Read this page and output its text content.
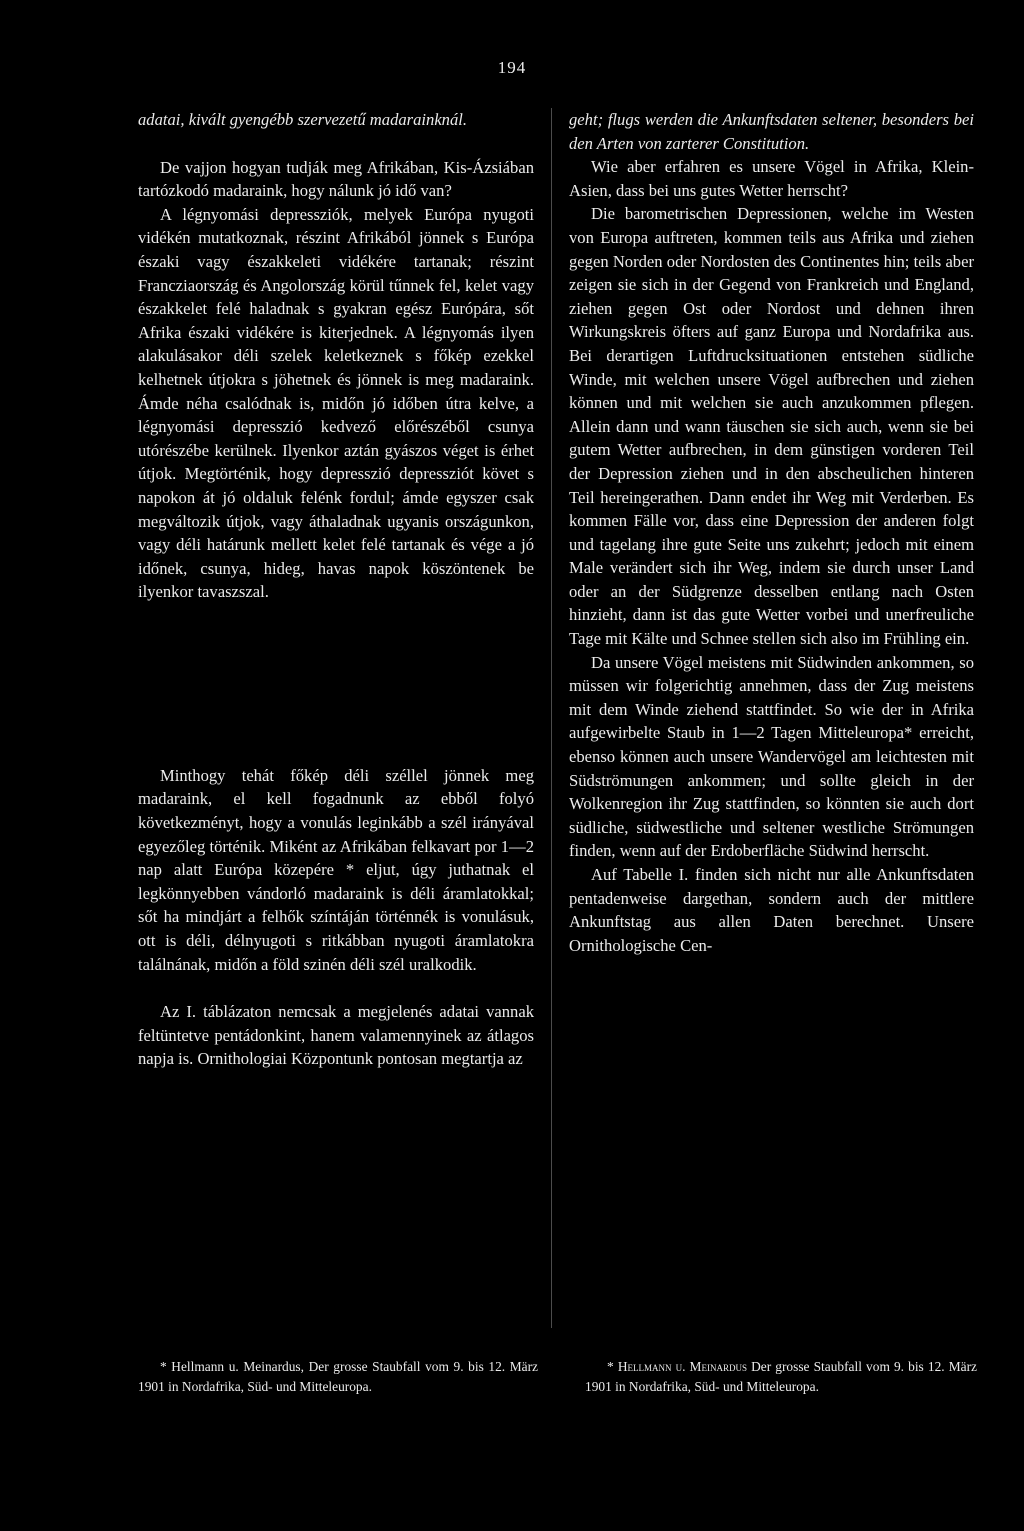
194

adatai, kivált gyengébb szervezetű madarainknál.

De vajjon hogyan tudják meg Afrikában, Kis-Ázsiában tartózkodó madaraink, hogy nálunk jó idő van?

A légnyomási depressziók, melyek Európa nyugoti vidékén mutatkoznak, részint Afrikából jönnek s Európa északi vagy északkeleti vidékére tartanak; részint Francziaország és Angolország körül tűnnek fel, kelet vagy északkelet felé haladnak s gyakran egész Európára, sőt Afrika északi vidékére is kiterjednek. A légnyomás ilyen alakulásakor déli szelek keletkeznek s főkép ezekkel kelhetnek útjokra s jöhetnek és jönnek is meg madaraink. Ámde néha csalódnak is, midőn jó időben útra kelve, a légnyomási depresszió kedvező előrészéből csunya utórészébe kerülnek. Ilyenkor aztán gyászos véget is érhet útjok. Megtörténik, hogy depresszió depressziót követ s napokon át jó oldaluk felénk fordul; ámde egyszer csak megváltozik útjok, vagy áthaladnak ugyanis országunkon, vagy déli határunk mellett kelet felé tartanak és vége a jó időnek, csunya, hideg, havas napok köszöntenek be ilyenkor tavaszszal.

Minthogy tehát főkép déli széllel jönnek meg madaraink, el kell fogadnunk az ebből folyó következményt, hogy a vonulás leginkább a szél irányával egyezőleg történik. Miként az Afrikában felkavart por 1—2 nap alatt Európa közepére * eljut, úgy juthatnak el legkönnyebben vándorló madaraink is déli áramlatokkal; sőt ha mindjárt a felhők színtáján történnék is vonulásuk, ott is déli, délnyugoti s ritkábban nyugoti áramlatokra találnának, midőn a föld szinén déli szél uralkodik.

Az I. táblázaton nemcsak a megjelenés adatai vannak feltüntetve pentádonkint, hanem valamennyinek az átlagos napja is. Ornithologiai Központunk pontosan megtartja az

geht; flugs werden die Ankunftsdaten seltener, besonders bei den Arten von zarterer Constitution.

Wie aber erfahren es unsere Vögel in Afrika, Klein-Asien, dass bei uns gutes Wetter herrscht?

Die barometrischen Depressionen, welche im Westen von Europa auftreten, kommen teils aus Afrika und ziehen gegen Norden oder Nordosten des Continentes hin; teils aber zeigen sie sich in der Gegend von Frankreich und England, ziehen gegen Ost oder Nordost und dehnen ihren Wirkungskreis öfters auf ganz Europa und Nordafrika aus. Bei derartigen Luftdrucksituationen entstehen südliche Winde, mit welchen unsere Vögel aufbrechen und ziehen können und mit welchen sie auch anzukommen pflegen. Allein dann und wann täuschen sie sich auch, wenn sie bei gutem Wetter aufbrechen, in dem günstigen vorderen Teil der Depression ziehen und in den abscheulichen hinteren Teil hereingerathen. Dann endet ihr Weg mit Verderben. Es kommen Fälle vor, dass eine Depression der anderen folgt und tagelang ihre gute Seite uns zukehrt; jedoch mit einem Male verändert sich ihr Weg, indem sie durch unser Land oder an der Südgrenze desselben entlang nach Osten hinzieht, dann ist das gute Wetter vorbei und unerfreuliche Tage mit Kälte und Schnee stellen sich also im Frühling ein.

Da unsere Vögel meistens mit Südwinden ankommen, so müssen wir folgerichtig annehmen, dass der Zug meistens mit dem Winde ziehend stattfindet. So wie der in Afrika aufgewirbelte Staub in 1—2 Tagen Mittelеuropa* erreicht, ebenso können auch unsere Wandervögel am leichtesten mit Südströmungen ankommen; und sollte gleich in der Wolkenregion ihr Zug stattfinden, so könnten sie auch dort südliche, südwestliche und seltener westliche Strömungen finden, wenn auf der Erdoberfläche Südwind herrscht.

Auf Tabelle I. finden sich nicht nur alle Ankunftsdaten pentadenweise dargethan, sondern auch der mittlere Ankunftstag aus allen Daten berechnet. Unsere Ornithologische Cen-

* Hellmann u. Meinardus, Der grosse Staubfall vom 9. bis 12. März 1901 in Nordafrika, Süd- und Mitteleuropa.

* Hellmann u. Meinardus Der grosse Staubfall vom 9. bis 12. März 1901 in Nordafrika, Süd- und Mitteleuropa.
